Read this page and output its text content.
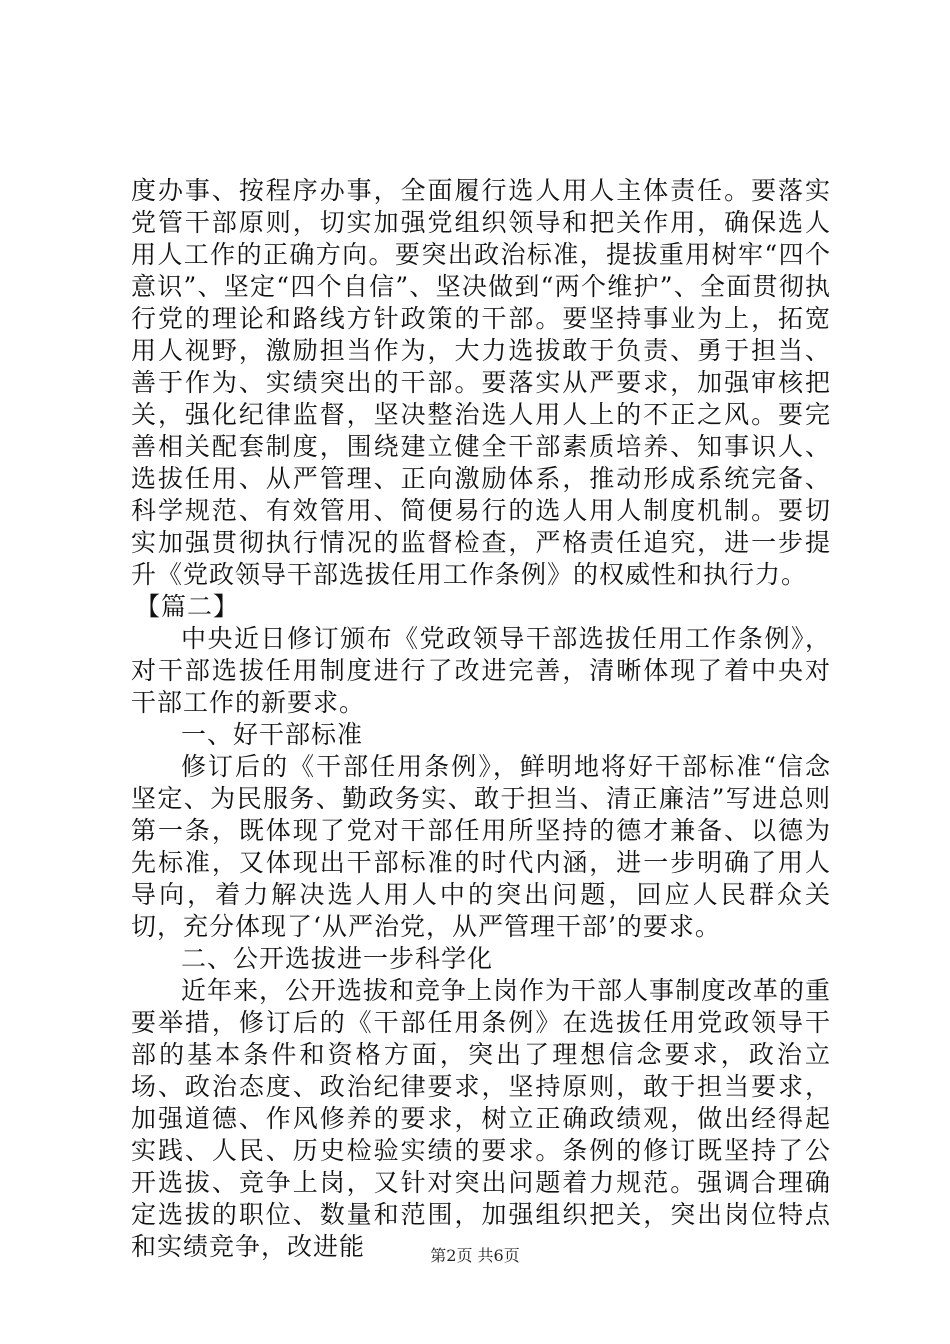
度办事、按程序办事，全面履行选人用人主体责任。要落实党管干部原则，切实加强党组织领导和把关作用，确保选人用人工作的正确方向。要突出政治标准，提拔重用树牢“四个意识”、坚定“四个自信”、坚决做到“两个维护”、全面贯彻执行党的理论和路线方针政策的干部。要坚持事业为上，拓宽用人视野，激励担当作为，大力选拔敢于负责、勇于担当、善于作为、实绩突出的干部。要落实从严要求，加强审核把关，强化纪律监督，坚决整治选人用人上的不正之风。要完善相关配套制度，围绕建立健全干部素质培养、知事识人、选拔任用、从严管理、正向激励体系，推动形成系统完备、科学规范、有效管用、简便易行的选人用人制度机制。要切实加强贯彻执行情况的监督检查，严格责任追究，进一步提升《党政领导干部选拔任用工作条例》的权威性和执行力。

【篇二】

中央近日修订颁布《党政领导干部选拔任用工作条例》，对干部选拔任用制度进行了改进完善，清晰体现了着中央对干部工作的新要求。

一、好干部标准

修订后的《干部任用条例》，鲜明地将好干部标准“信念坚定、为民服务、勤政务实、敢于担当、清正廉洁”写进总则第一条，既体现了党对干部任用所坚持的德才兼备、以德为先标准，又体现出干部标准的时代内涵，进一步明确了用人导向，着力解决选人用人中的突出问题，回应人民群众关切，充分体现了‘从严治党，从严管理干部’的要求。

二、公开选拔进一步科学化

近年来，公开选拔和竞争上岗作为干部人事制度改革的重要举措，修订后的《干部任用条例》在选拔任用党政领导干部的基本条件和资格方面，突出了理想信念要求，政治立场、政治态度、政治纪律要求，坚持原则，敢于担当要求，加强道德、作风修养的要求，树立正确政绩观，做出经得起实践、人民、历史检验实绩的要求。条例的修订既坚持了公开选拔、竞争上岗，又针对突出问题着力规范。强调合理确定选拔的职位、数量和范围，加强组织把关，突出岗位特点和实绩竞争，改进能	第2页 共6页
